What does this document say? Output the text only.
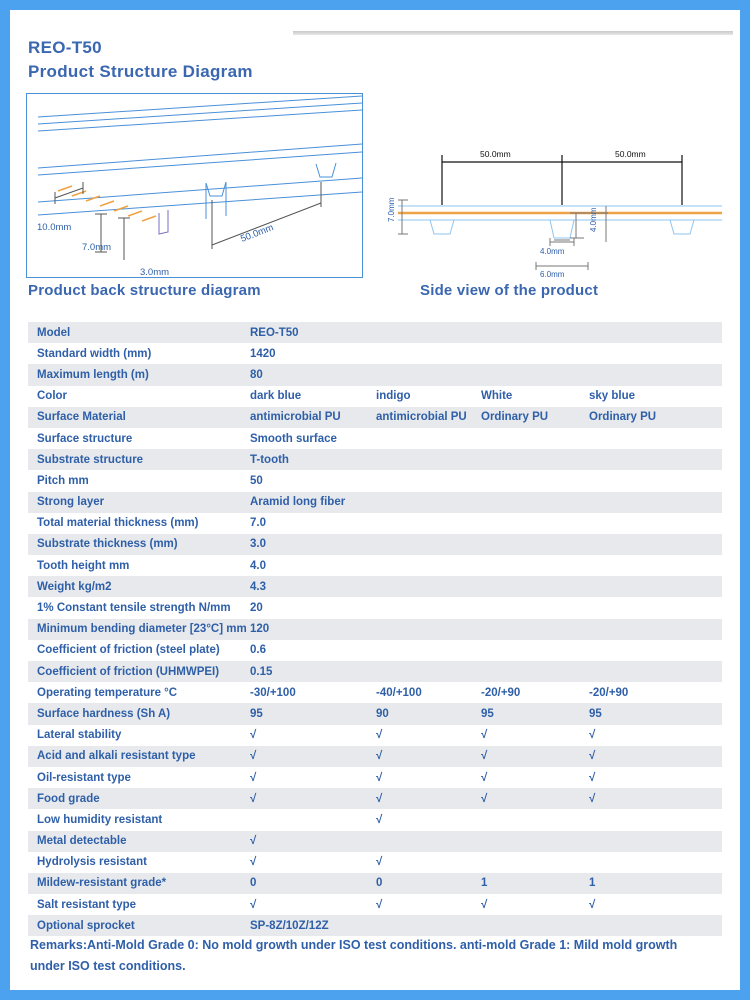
REO-T50
Product Structure Diagram
10.0mm
7.0mm
3.0mm
50.0mm
50.0mm	50.0mm
7.0mm
4.0mm
4.0mm
6.0mm
Product back structure diagram	Side view of the product
Model	REO-T50			
Standard width (mm)	1420			
Maximum length (m)	80			
Color	dark blue	indigo	White	sky blue
Surface Material	antimicrobial PU	antimicrobial PU	Ordinary PU	Ordinary PU
Surface structure	Smooth surface			
Substrate structure	T-tooth			
Pitch mm	50			
Strong layer	Aramid long fiber			
Total material thickness (mm)	7.0			
Substrate thickness (mm)	3.0			
Tooth height mm	4.0			
Weight kg/m2	4.3			
1% Constant tensile strength N/mm	20			
Minimum bending diameter [23°C] mm	120			
Coefficient of friction (steel plate)	0.6			
Coefficient of friction (UHMWPEI)	0.15			
Operating temperature °C	-30/+100	-40/+100	-20/+90	-20/+90
Surface hardness (Sh A)	95	90	95	95
Lateral stability	√	√	√	√
Acid and alkali resistant type	√	√	√	√
Oil-resistant type	√	√	√	√
Food grade	√	√	√	√
Low humidity resistant		√		
Metal detectable	√			
Hydrolysis resistant	√	√		
Mildew-resistant grade*	0	0	1	1
Salt resistant type	√	√	√	√
Optional sprocket	SP-8Z/10Z/12Z			
Remarks:Anti-Mold Grade 0: No mold growth under ISO test conditions. anti-mold Grade 1: Mild mold growth under ISO test conditions.
